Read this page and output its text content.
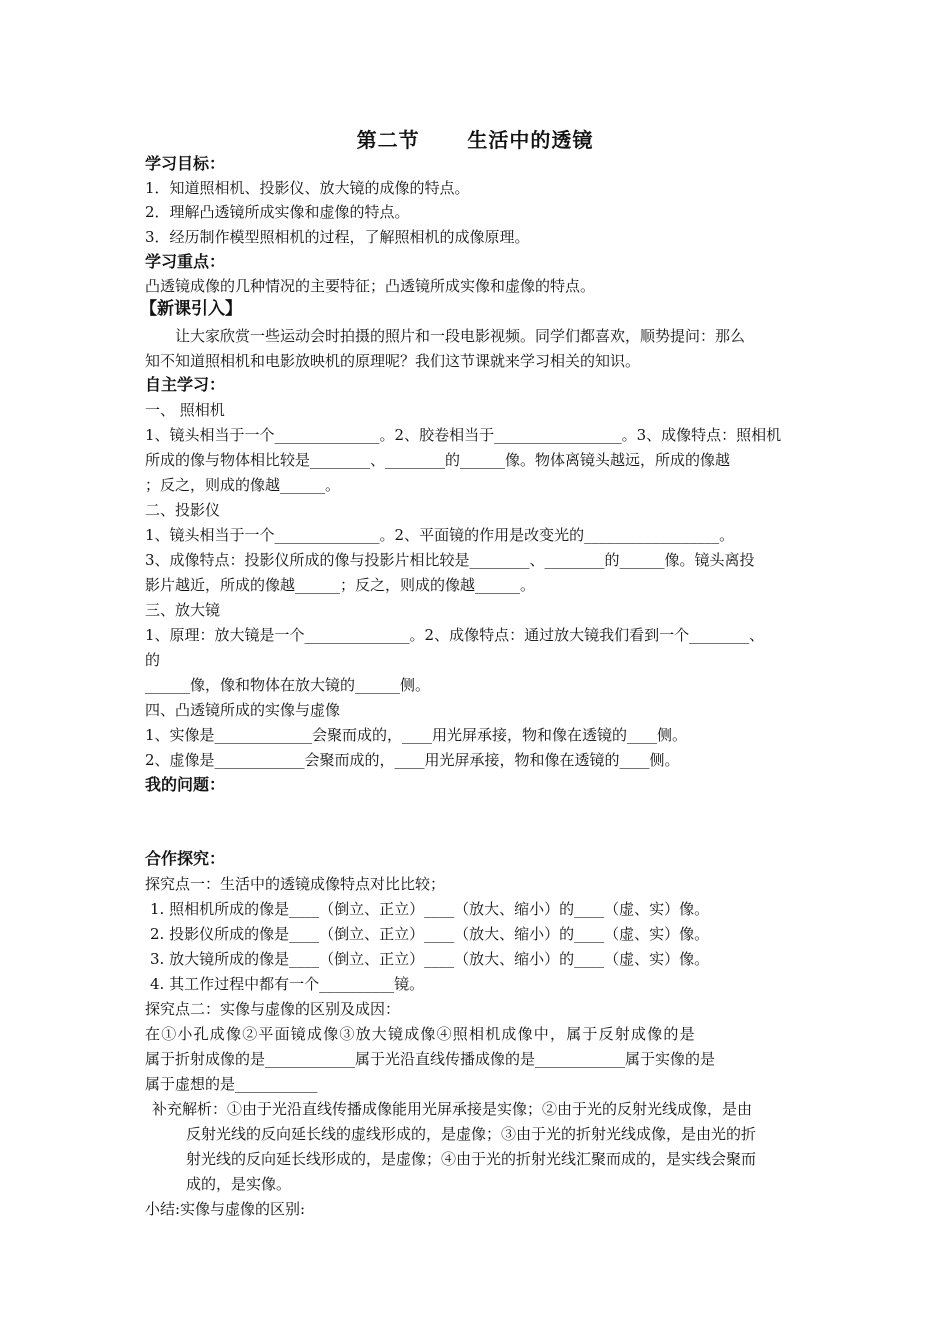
第二节      生活中的透镜
学习目标：
1．知道照相机、投影仪、放大镜的成像的特点。
2．理解凸透镜所成实像和虚像的特点。
3．经历制作模型照相机的过程，了解照相机的成像原理。
学习重点：
凸透镜成像的几种情况的主要特征；凸透镜所成实像和虚像的特点。
【新课引入】
让大家欣赏一些运动会时拍摄的照片和一段电影视频。同学们都喜欢，顺势提问：那么
知不知道照相机和电影放映机的原理呢？我们这节课就来学习相关的知识。
自主学习：
一、 照相机
1、镜头相当于一个______________。2、胶卷相当于_________________。3、成像特点：照相机
所成的像与物体相比较是________、________的______像。物体离镜头越远，所成的像越
；反之，则成的像越______。
二、投影仪
1、镜头相当于一个______________。2、平面镜的作用是改变光的__________________。
3、成像特点：投影仪所成的像与投影片相比较是________、________的______像。镜头离投
影片越近，所成的像越______；反之，则成的像越______。
三、放大镜
1、原理：放大镜是一个______________。2、成像特点：通过放大镜我们看到一个________、
的
______像，像和物体在放大镜的______侧。
四、凸透镜所成的实像与虚像
1、实像是_____________会聚而成的，____用光屏承接，物和像在透镜的____侧。
2、虚像是____________会聚而成的，____用光屏承接，物和像在透镜的____侧。
我的问题：
合作探究：
探究点一：生活中的透镜成像特点对比比较；
1. 照相机所成的像是____（倒立、正立）____（放大、缩小）的____（虚、实）像。
2. 投影仪所成的像是____（倒立、正立）____（放大、缩小）的____（虚、实）像。
3. 放大镜所成的像是____（倒立、正立）____（放大、缩小）的____（虚、实）像。
4. 其工作过程中都有一个__________镜。
探究点二：实像与虚像的区别及成因：
在①小孔成像②平面镜成像③放大镜成像④照相机成像中，属于反射成像的是
属于折射成像的是____________属于光沿直线传播成像的是____________属于实像的是
属于虚想的是___________
补充解析：①由于光沿直线传播成像能用光屏承接是实像；②由于光的反射光线成像，是由
反射光线的反向延长线的虚线形成的，是虚像；③由于光的折射光线成像，是由光的折
射光线的反向延长线形成的，是虚像；④由于光的折射光线汇聚而成的，是实线会聚而
成的，是实像。
小结:实像与虚像的区别:
